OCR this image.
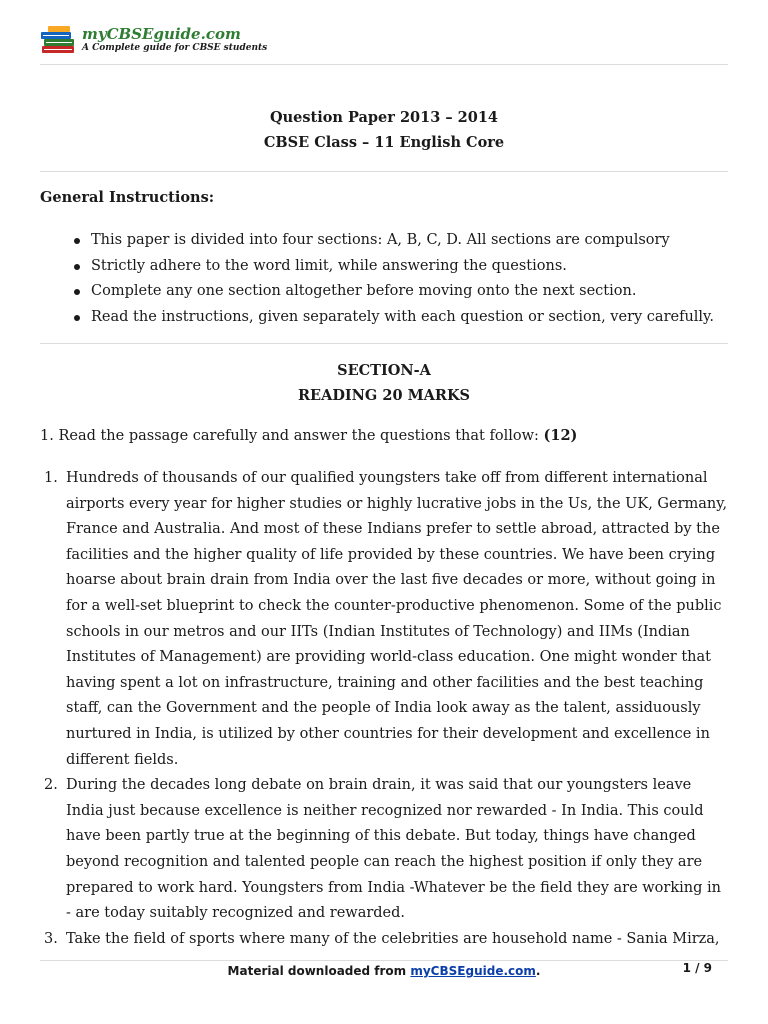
myCBSEguide.com
A Complete guide for CBSE students
Question Paper 2013 – 2014
CBSE Class – 11 English Core
General Instructions:
This paper is divided into four sections: A, B, C, D. All sections are compulsory
Strictly adhere to the word limit, while answering the questions.
Complete any one section altogether before moving onto the next section.
Read the instructions, given separately with each question or section, very carefully.
SECTION-A
READING 20 MARKS
1. Read the passage carefully and answer the questions that follow: (12)
1. Hundreds of thousands of our qualified youngsters take off from different international airports every year for higher studies or highly lucrative jobs in the Us, the UK, Germany, France and Australia. And most of these Indians prefer to settle abroad, attracted by the facilities and the higher quality of life provided by these countries. We have been crying hoarse about brain drain from India over the last five decades or more, without going in for a well-set blueprint to check the counter-productive phenomenon. Some of the public schools in our metros and our IITs (Indian Institutes of Technology) and IIMs (Indian Institutes of Management) are providing world-class education. One might wonder that having spent a lot on infrastructure, training and other facilities and the best teaching staff, can the Government and the people of India look away as the talent, assiduously nurtured in India, is utilized by other countries for their development and excellence in different fields.
2. During the decades long debate on brain drain, it was said that our youngsters leave India just because excellence is neither recognized nor rewarded - In India. This could have been partly true at the beginning of this debate. But today, things have changed beyond recognition and talented people can reach the highest position if only they are prepared to work hard. Youngsters from India -Whatever be the field they are working in - are today suitably recognized and rewarded.
3. Take the field of sports where many of the celebrities are household name - Sania Mirza,
Material downloaded from myCBSEguide.com.	1 / 9
